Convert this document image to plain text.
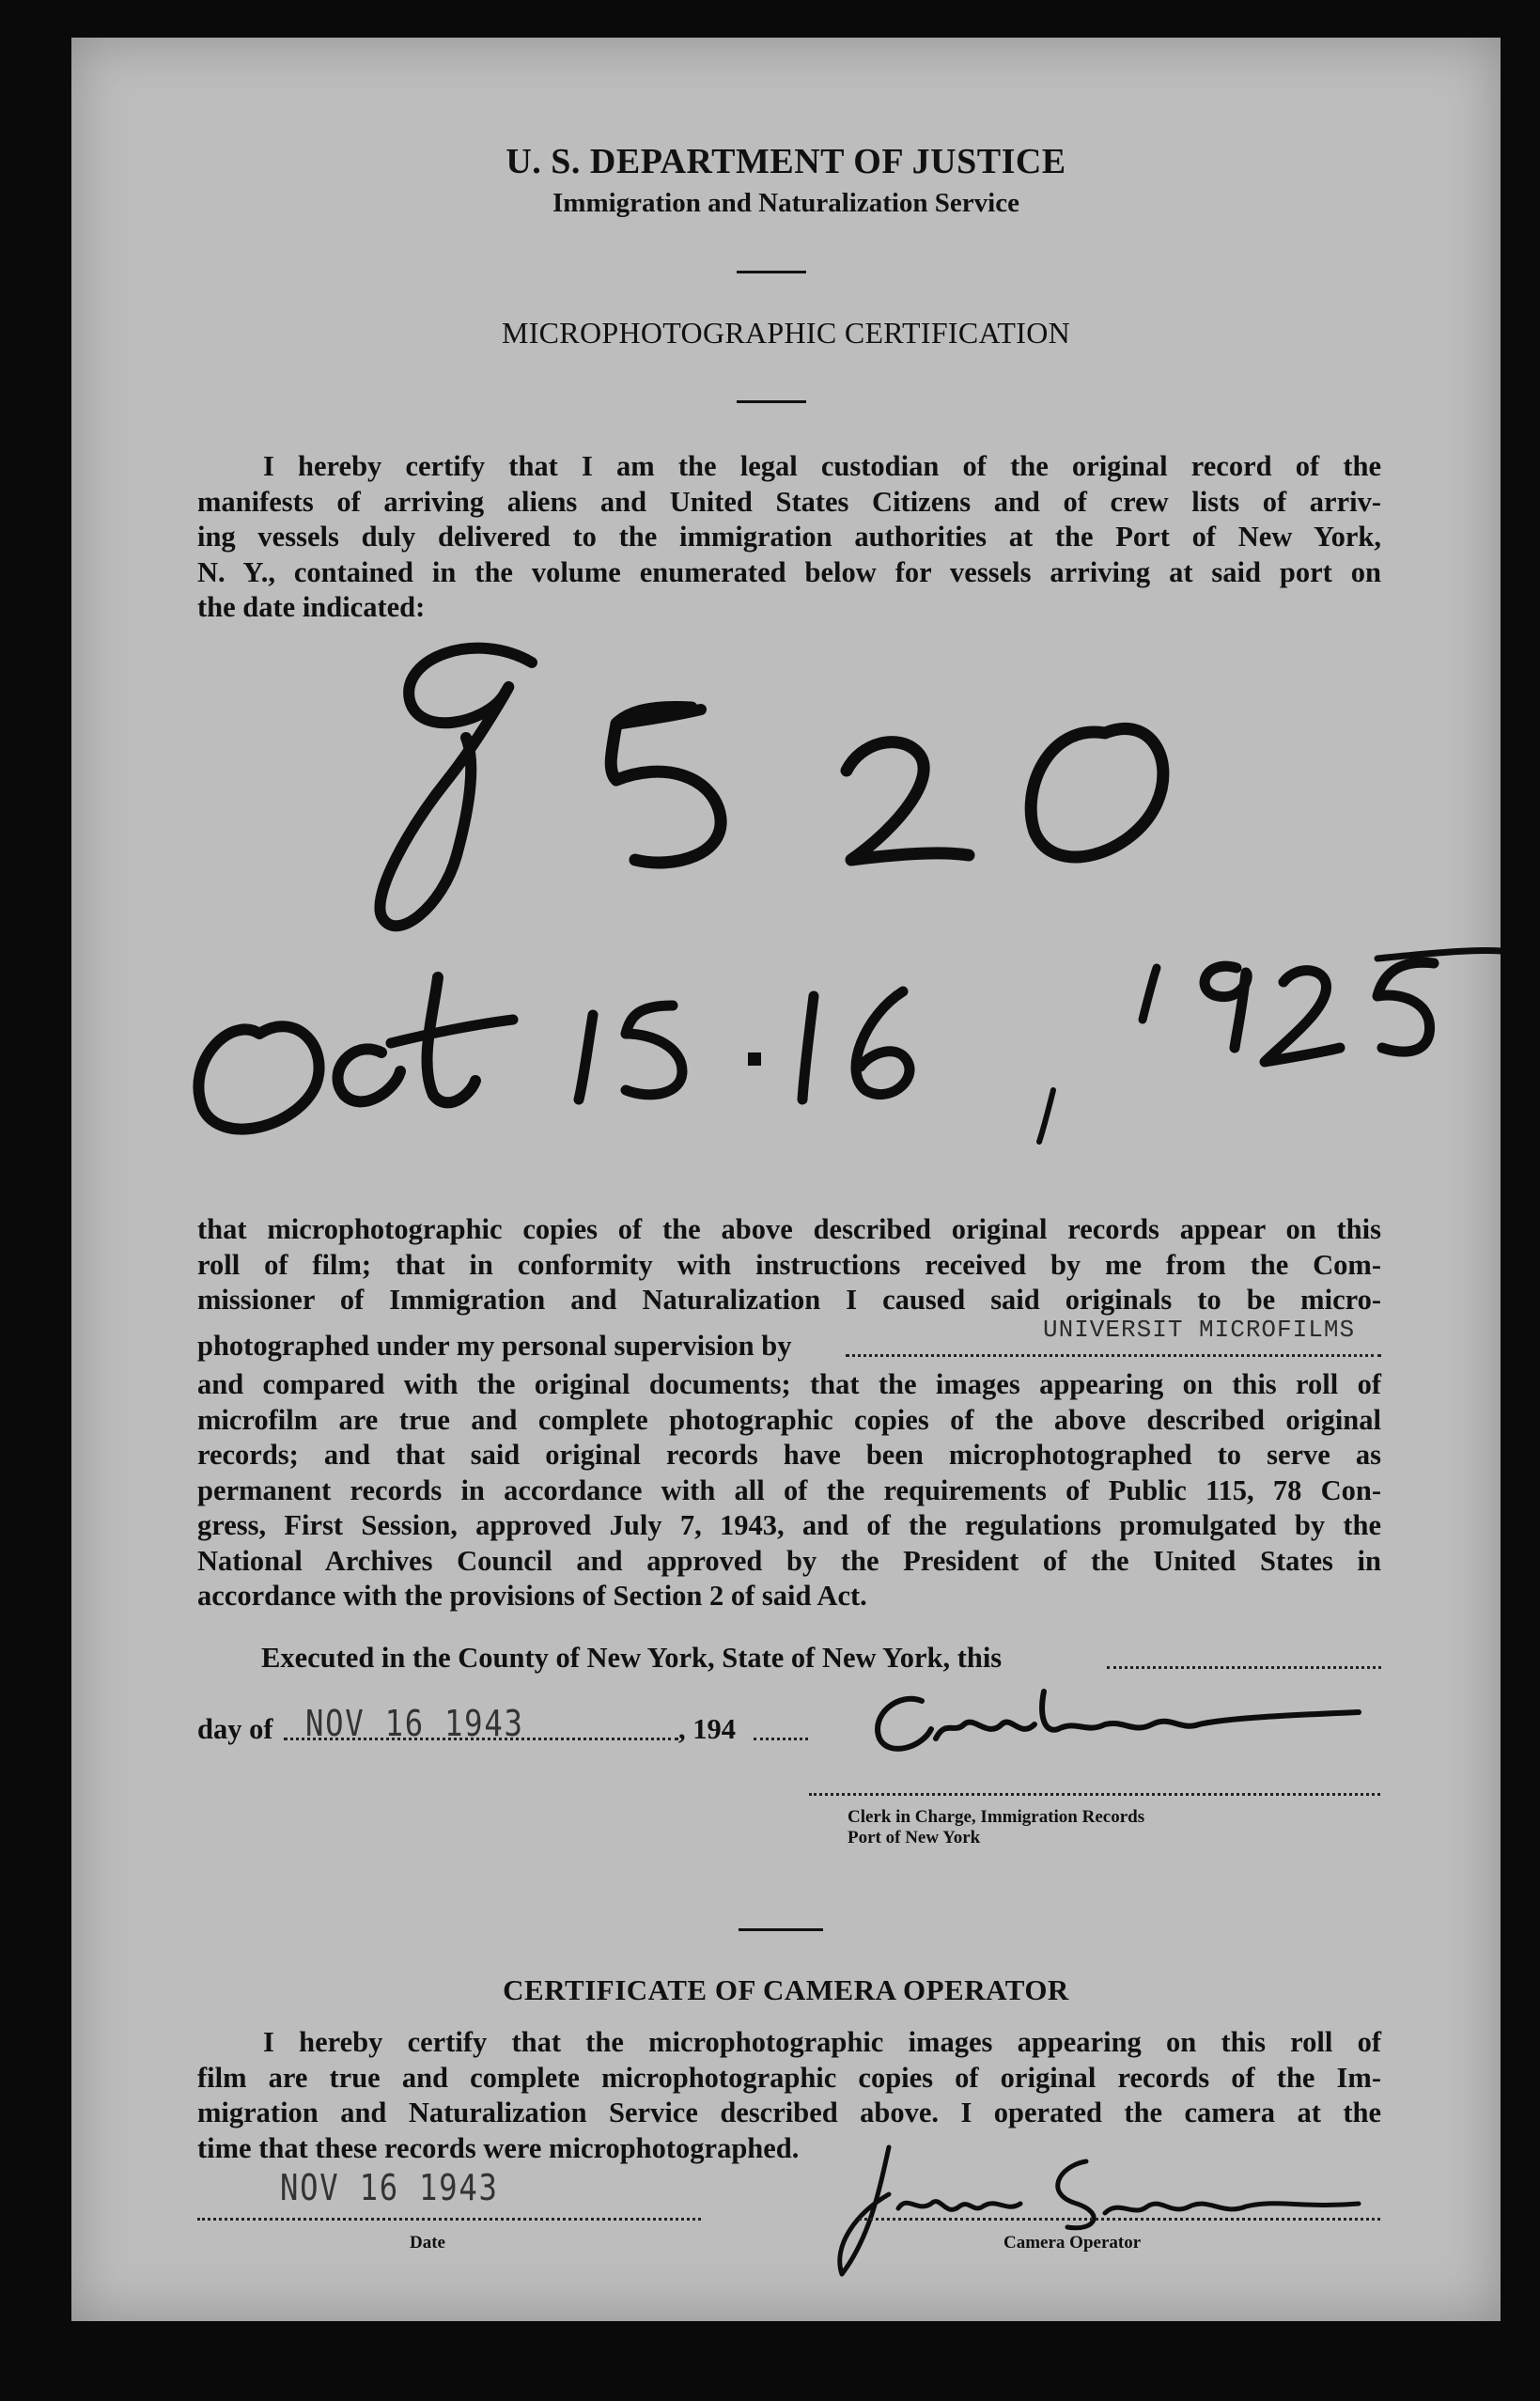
U. S. DEPARTMENT OF JUSTICE
Immigration and Naturalization Service
MICROPHOTOGRAPHIC CERTIFICATION
I hereby certify that I am the legal custodian of the original record of the
manifests of arriving aliens and United States Citizens and of crew lists of arriv-
ing vessels duly delivered to the immigration authorities at the Port of New York,
N. Y., contained in the volume enumerated below for vessels arriving at said port on
the date indicated:
that microphotographic copies of the above described original records appear on this
roll of film; that in conformity with instructions received by me from the Com-
missioner of Immigration and Naturalization I caused said originals to be micro-
photographed under my personal supervision by	UNIVERSIT MICROFILMS
and compared with the original documents; that the images appearing on this roll of
microfilm are true and complete photographic copies of the above described original
records; and that said original records have been microphotographed to serve as
permanent records in accordance with all of the requirements of Public 115, 78 Con-
gress, First Session, approved July 7, 1943, and of the regulations promulgated by the
National Archives Council and approved by the President of the United States in
accordance with the provisions of Section 2 of said Act.
Executed in the County of New York, State of New York, this
day of NOV 16 1943	, 194
Clerk in Charge, Immigration Records
Port of New York
CERTIFICATE OF CAMERA OPERATOR
I hereby certify that the microphotographic images appearing on this roll of
film are true and complete microphotographic copies of original records of the Im-
migration and Naturalization Service described above. I operated the camera at the
time that these records were microphotographed.
NOV 16 1943
Date	Camera Operator
